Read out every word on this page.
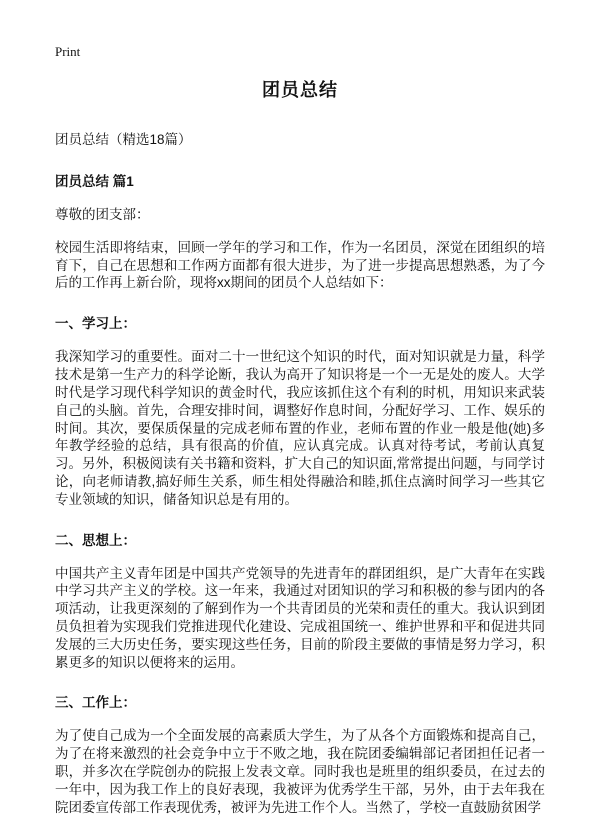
Print
团员总结

团员总结（精选18篇）

团员总结 篇1

尊敬的团支部：

校园生活即将结束，回顾一学年的学习和工作，作为一名团员，深觉在团组织的培育下，自己在思想和工作两方面都有很大进步，为了进一步提高思想熟悉，为了今后的工作再上新台阶，现将xx期间的团员个人总结如下：

一、学习上：

我深知学习的重要性。面对二十一世纪这个知识的时代，面对知识就是力量，科学技术是第一生产力的科学论断，我认为高开了知识将是一个一无是处的废人。大学时代是学习现代科学知识的黄金时代，我应该抓住这个有利的时机，用知识来武装自己的头脑。首先，合理安排时间，调整好作息时间，分配好学习、工作、娱乐的时间。其次，要保质保量的完成老师布置的作业，老师布置的作业一般是他(她)多年教学经验的总结，具有很高的价值，应认真完成。认真对待考试，考前认真复习。另外，积极阅读有关书籍和资料，扩大自己的知识面,常常提出问题，与同学讨论，向老师请教,搞好师生关系，师生相处得融洽和睦,抓住点滴时间学习一些其它专业领域的知识，储备知识总是有用的。

二、思想上：

中国共产主义青年团是中国共产党领导的先进青年的群团组织，是广大青年在实践中学习共产主义的学校。这一年来，我通过对团知识的学习和积极的参与团内的各项活动，让我更深刻的了解到作为一个共青团员的光荣和责任的重大。我认识到团员负担着为实现我们党推进现代化建设、完成祖国统一、维护世界和平和促进共同发展的三大历史任务，要实现这些任务，目前的阶段主要做的事情是努力学习，积累更多的知识以便将来的运用。

三、工作上：

为了使自己成为一个全面发展的高素质大学生，为了从各个方面锻炼和提高自己，为了在将来激烈的社会竞争中立于不败之地，我在院团委编辑部记者团担任记者一职，并多次在学院创办的院报上发表文章。同时我也是班里的组织委员，在过去的一年中，因为我工作上的良好表现，我被评为优秀学生干部，另外，由于去年我在院团委宣传部工作表现优秀，被评为先进工作个人。当然了，学校一直鼓励贫困学
